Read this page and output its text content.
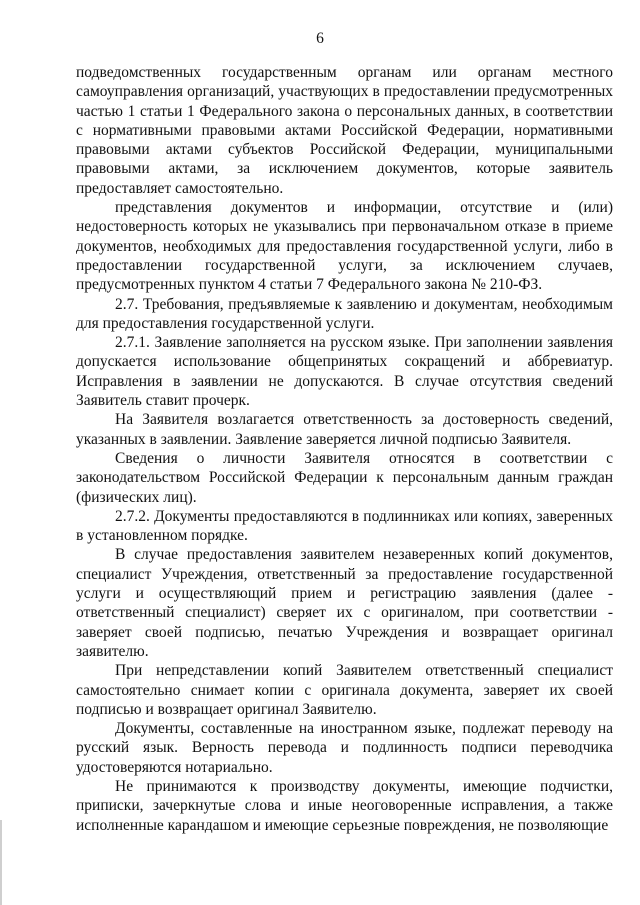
6

подведомственных государственным органам или органам местного самоуправления организаций, участвующих в предоставлении предусмотренных частью 1 статьи 1 Федерального закона о персональных данных, в соответствии с нормативными правовыми актами Российской Федерации, нормативными правовыми актами субъектов Российской Федерации, муниципальными правовыми актами, за исключением документов, которые заявитель предоставляет самостоятельно.

представления документов и информации, отсутствие и (или) недостоверность которых не указывались при первоначальном отказе в приеме документов, необходимых для предоставления государственной услуги, либо в предоставлении государственной услуги, за исключением случаев, предусмотренных пунктом 4 статьи 7 Федерального закона № 210-ФЗ.

2.7. Требования, предъявляемые к заявлению и документам, необходимым для предоставления государственной услуги.

2.7.1. Заявление заполняется на русском языке. При заполнении заявления допускается использование общепринятых сокращений и аббревиатур. Исправления в заявлении не допускаются. В случае отсутствия сведений Заявитель ставит прочерк.

На Заявителя возлагается ответственность за достоверность сведений, указанных в заявлении. Заявление заверяется личной подписью Заявителя.

Сведения о личности Заявителя относятся в соответствии с законодательством Российской Федерации к персональным данным граждан (физических лиц).

2.7.2. Документы предоставляются в подлинниках или копиях, заверенных в установленном порядке.

В случае предоставления заявителем незаверенных копий документов, специалист Учреждения, ответственный за предоставление государственной услуги и осуществляющий прием и регистрацию заявления (далее - ответственный специалист) сверяет их с оригиналом, при соответствии - заверяет своей подписью, печатью Учреждения и возвращает оригинал заявителю.

При непредставлении копий Заявителем ответственный специалист самостоятельно снимает копии с оригинала документа, заверяет их своей подписью и возвращает оригинал Заявителю.

Документы, составленные на иностранном языке, подлежат переводу на русский язык. Верность перевода и подлинность подписи переводчика удостоверяются нотариально.

Не принимаются к производству документы, имеющие подчистки, приписки, зачеркнутые слова и иные неоговоренные исправления, а также исполненные карандашом и имеющие серьезные повреждения, не позволяющие
